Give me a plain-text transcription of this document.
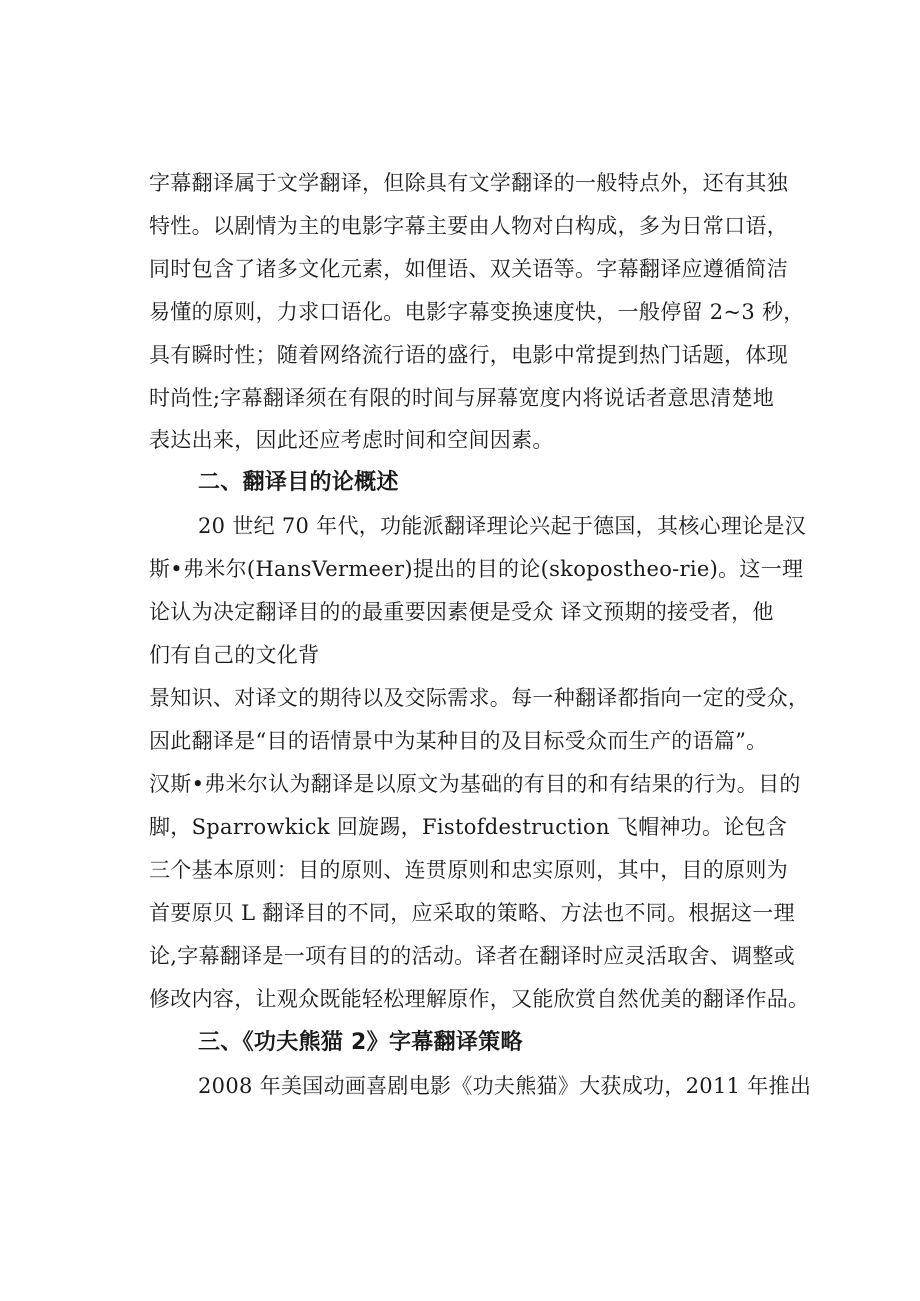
字幕翻译属于文学翻译，但除具有文学翻译的一般特点外，还有其独
特性。以剧情为主的电影字幕主要由人物对白构成，多为日常口语，
同时包含了诸多文化元素，如俚语、双关语等。字幕翻译应遵循简洁
易懂的原则，力求口语化。电影字幕变换速度快，一般停留 2~3 秒，
具有瞬时性；随着网络流行语的盛行，电影中常提到热门话题，体现
时尚性;字幕翻译须在有限的时间与屏幕宽度内将说话者意思清楚地
表达出来，因此还应考虑时间和空间因素。
二、翻译目的论概述
20 世纪 70 年代，功能派翻译理论兴起于德国，其核心理论是汉
斯•弗米尔(HansVermeer)提出的目的论(skopostheo-rie)。这一理
论认为决定翻译目的的最重要因素便是受众 译文预期的接受者，他
们有自己的文化背
景知识、对译文的期待以及交际需求。每一种翻译都指向一定的受众，
因此翻译是“目的语情景中为某种目的及目标受众而生产的语篇”。
汉斯•弗米尔认为翻译是以原文为基础的有目的和有结果的行为。目的
脚，Sparrowkick 回旋踢，Fistofdestruction 飞帽神功。论包含
三个基本原则：目的原则、连贯原则和忠实原则，其中，目的原则为
首要原贝 L 翻译目的不同，应采取的策略、方法也不同。根据这一理
论,字幕翻译是一项有目的的活动。译者在翻译时应灵活取舍、调整或
修改内容，让观众既能轻松理解原作，又能欣赏自然优美的翻译作品。
三、《功夫熊猫 2》字幕翻译策略
2008 年美国动画喜剧电影《功夫熊猫》大获成功，2011 年推出
